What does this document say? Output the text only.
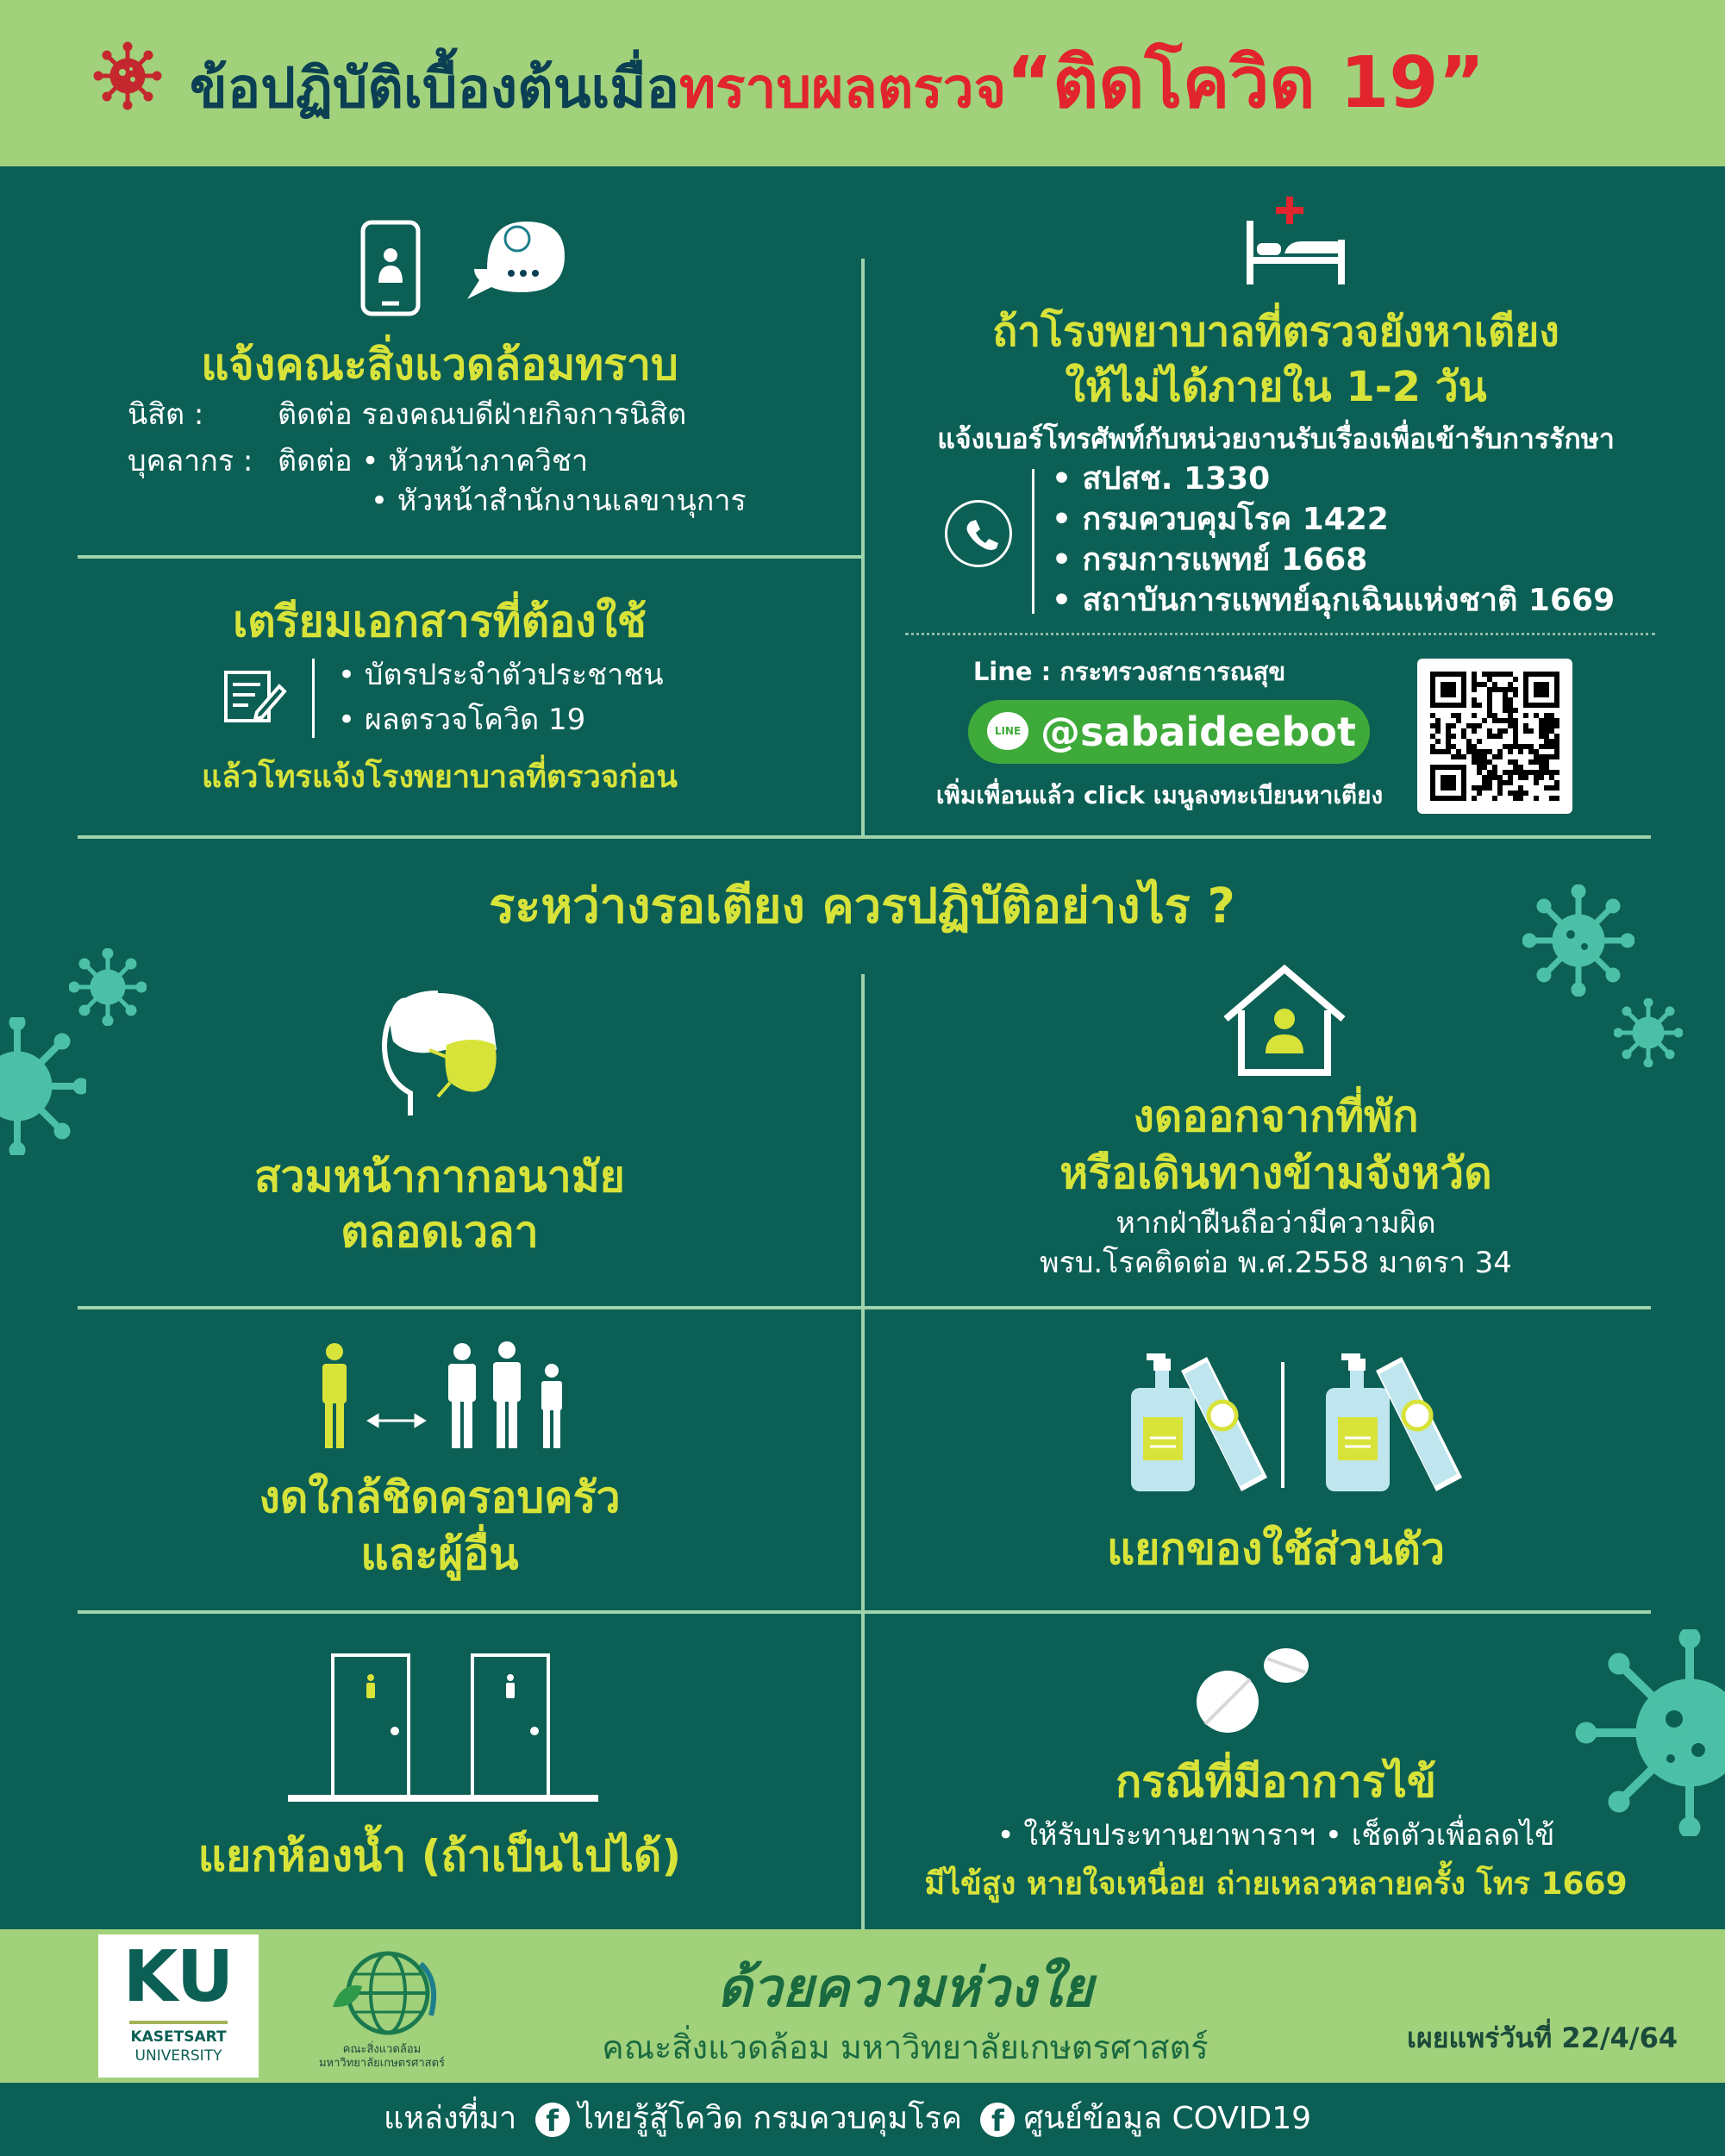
ข้อปฏิบัติเบื้องต้นเมื่อทราบผลตรวจ“ติดโควิด 19”
แจ้งคณะสิ่งแวดล้อมทราบ
นิสิต :	ติดต่อ รองคณบดีฝ่ายกิจการนิสิต
บุคลากร : ติดต่อ • หัวหน้าภาควิชา
• หัวหน้าสำนักงานเลขานุการ
เตรียมเอกสารที่ต้องใช้
• บัตรประจำตัวประชาชน
• ผลตรวจโควิด 19
แล้วโทรแจ้งโรงพยาบาลที่ตรวจก่อน
ถ้าโรงพยาบาลที่ตรวจยังหาเตียง
ให้ไม่ได้ภายใน 1-2 วัน
แจ้งเบอร์โทรศัพท์กับหน่วยงานรับเรื่องเพื่อเข้ารับการรักษา
• สปสช. 1330
• กรมควบคุมโรค 1422
• กรมการแพทย์ 1668
• สถาบันการแพทย์ฉุกเฉินแห่งชาติ 1669
Line : กระทรวงสาธารณสุข
LINE @sabaideebot
เพิ่มเพื่อนแล้ว click เมนูลงทะเบียนหาเตียง
ระหว่างรอเตียง ควรปฏิบัติอย่างไร ?
สวมหน้ากากอนามัย
ตลอดเวลา
งดออกจากที่พัก
หรือเดินทางข้ามจังหวัด
หากฝ่าฝืนถือว่ามีความผิด
พรบ.โรคติดต่อ พ.ศ.2558 มาตรา 34
งดใกล้ชิดครอบครัว
และผู้อื่น	แยกของใช้ส่วนตัว
แยกห้องน้ำ (ถ้าเป็นไปได้)
กรณีที่มีอาการไข้
• ให้รับประทานยาพาราฯ • เช็ดตัวเพื่อลดไข้
มีไข้สูง หายใจเหนื่อย ถ่ายเหลวหลายครั้ง โทร 1669
KU
KASETSART
UNIVERSITY	คณะสิ่งแวดล้อม
มหาวิทยาลัยเกษตรศาสตร์
ด้วยความห่วงใย
คณะสิ่งแวดล้อม มหาวิทยาลัยเกษตรศาสตร์	เผยแพร่วันที่ 22/4/64
แหล่งที่มา f ไทยรู้สู้โควิด กรมควบคุมโรค f ศูนย์ข้อมูล COVID19
